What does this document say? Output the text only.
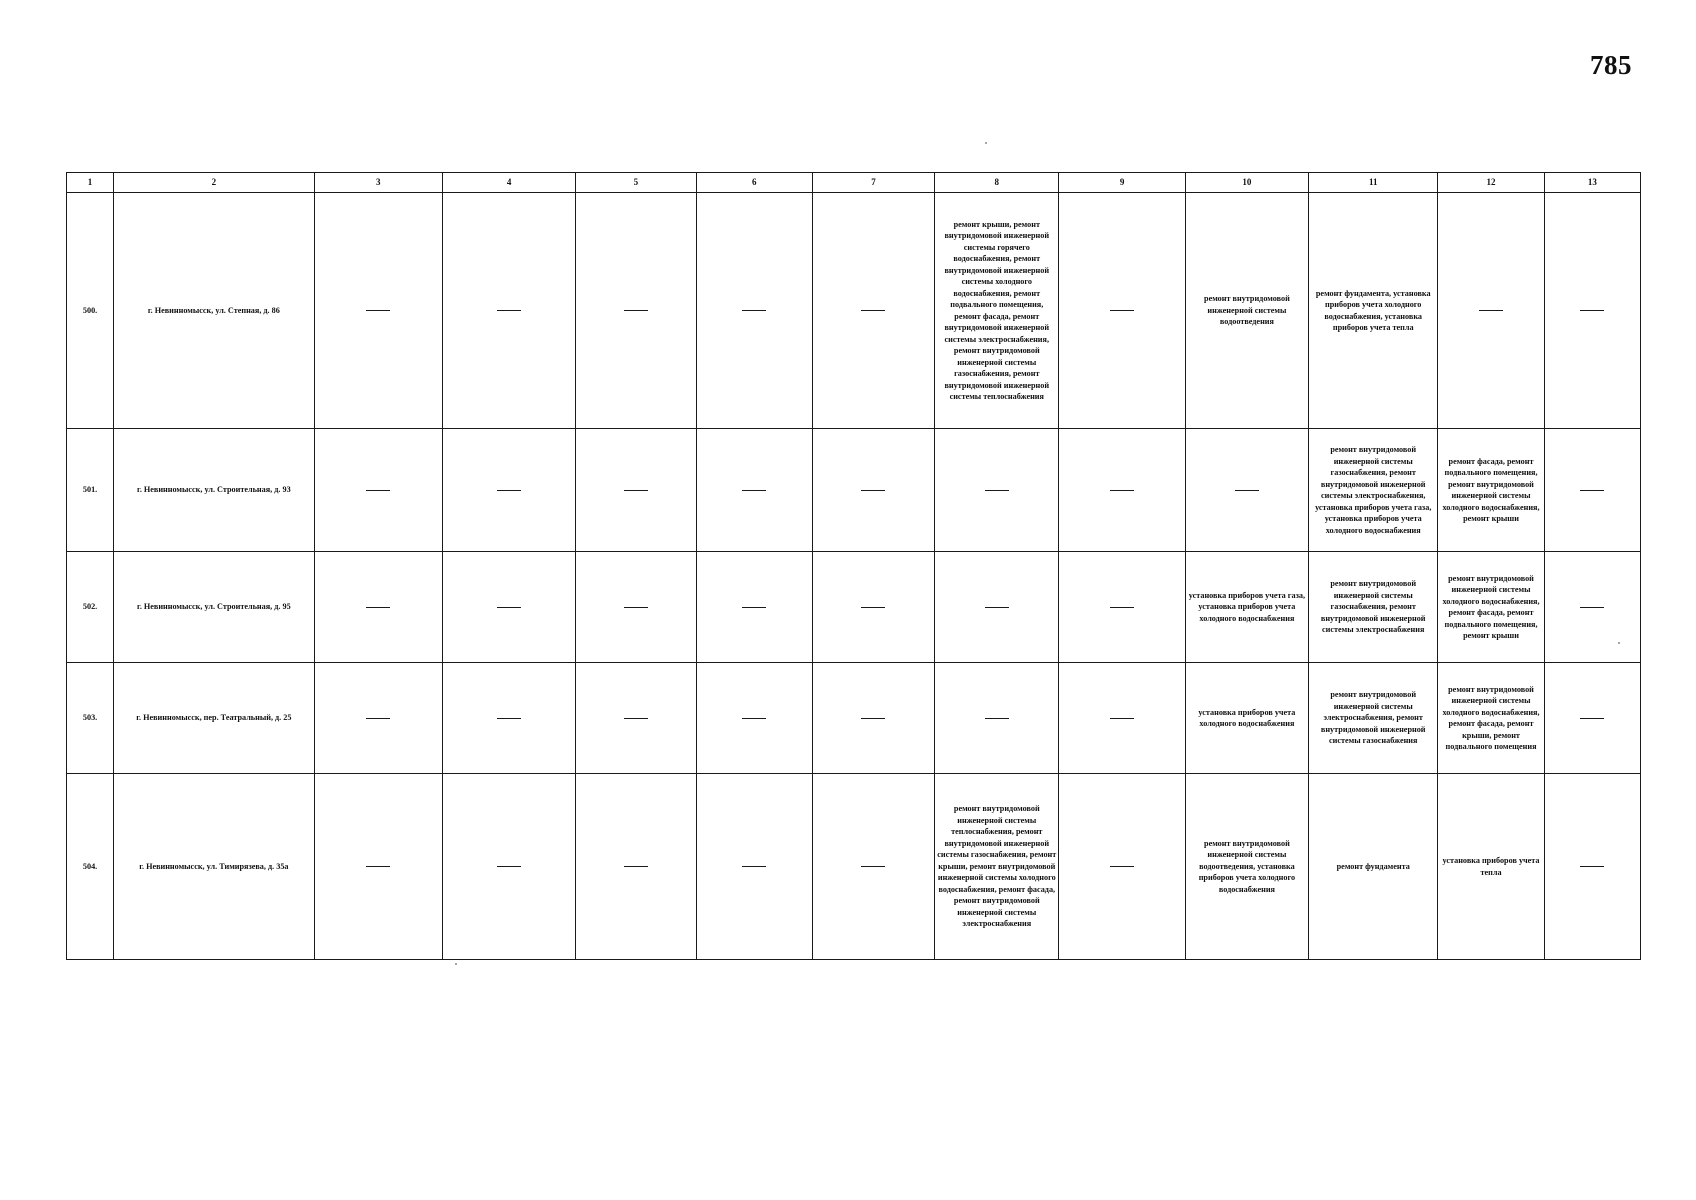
785
1	2	3	4	5	6	7	8	9	10	11	12	13
500.	г. Невинномысск, ул. Степная, д. 86						ремонт крыши, ремонт внутридомовой инженерной системы горячего водоснабжения, ремонт внутридомовой инженерной системы холодного водоснабжения, ремонт подвального помещения, ремонт фасада, ремонт внутридомовой инженерной системы электроснабжения, ремонт внутридомовой инженерной системы газоснабжения, ремонт внутридомовой инженерной системы теплоснабжения		ремонт внутридомовой инженерной системы водоотведения	ремонт фундамента, установка приборов учета холодного водоснабжения, установка приборов учета тепла		
501.	г. Невинномысск, ул. Строительная, д. 93									ремонт внутридомовой инженерной системы газоснабжения, ремонт внутридомовой инженерной системы электроснабжения, установка приборов учета газа, установка приборов учета холодного водоснабжения	ремонт фасада, ремонт подвального помещения, ремонт внутридомовой инженерной системы холодного водоснабжения, ремонт крыши	
502.	г. Невинномысск, ул. Строительная, д. 95								установка приборов учета газа, установка приборов учета холодного водоснабжения	ремонт внутридомовой инженерной системы газоснабжения, ремонт внутридомовой инженерной системы электроснабжения	ремонт внутридомовой инженерной системы холодного водоснабжения, ремонт фасада, ремонт подвального помещения, ремонт крыши	
503.	г. Невинномысск, пер. Театральный, д. 25								установка приборов учета холодного водоснабжения	ремонт внутридомовой инженерной системы электроснабжения, ремонт внутридомовой инженерной системы газоснабжения	ремонт внутридомовой инженерной системы холодного водоснабжения, ремонт фасада, ремонт крыши, ремонт подвального помещения	
504.	г. Невинномысск, ул. Тимирязева, д. 35а						ремонт внутридомовой инженерной системы теплоснабжения, ремонт внутридомовой инженерной системы газоснабжения, ремонт крыши, ремонт внутридомовой инженерной системы холодного водоснабжения, ремонт фасада, ремонт внутридомовой инженерной системы электроснабжения		ремонт внутридомовой инженерной системы водоотведения, установка приборов учета холодного водоснабжения	ремонт фундамента	установка приборов учета тепла	
